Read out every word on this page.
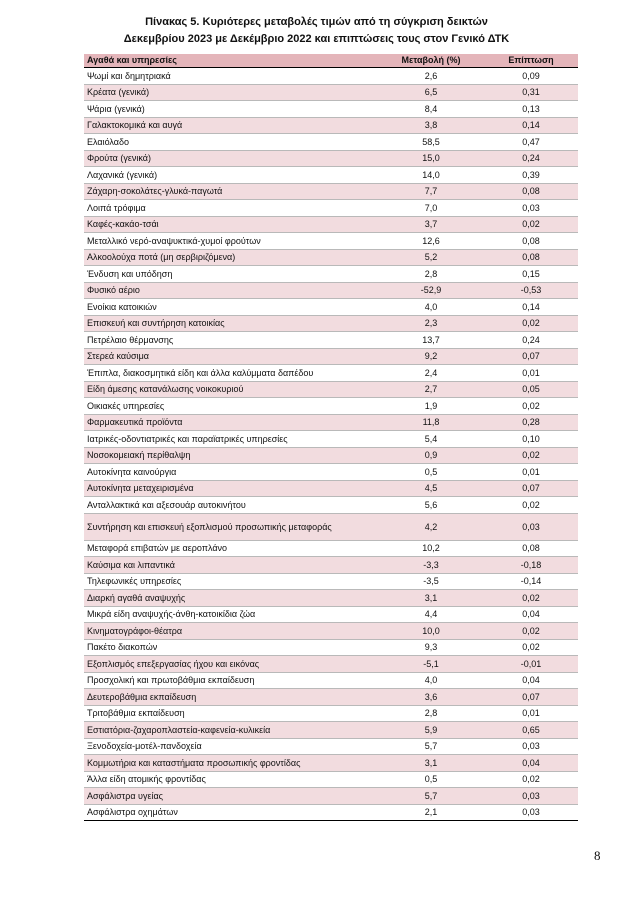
Πίνακας 5. Κυριότερες μεταβολές τιμών από τη σύγκριση δεικτών
Δεκεμβρίου 2023 με Δεκέμβριο 2022 και επιπτώσεις τους στον Γενικό ΔΤΚ
Αγαθά και υπηρεσίες	Μεταβολή (%)	Επίπτωση
Ψωμί και δημητριακά	2,6	0,09
Κρέατα (γενικά)	6,5	0,31
Ψάρια (γενικά)	8,4	0,13
Γαλακτοκομικά και αυγά	3,8	0,14
Ελαιόλαδο	58,5	0,47
Φρούτα (γενικά)	15,0	0,24
Λαχανικά (γενικά)	14,0	0,39
Ζάχαρη-σοκολάτες-γλυκά-παγωτά	7,7	0,08
Λοιπά τρόφιμα	7,0	0,03
Καφές-κακάο-τσάι	3,7	0,02
Μεταλλικό νερό-αναψυκτικά-χυμοί φρούτων	12,6	0,08
Αλκοολούχα ποτά (μη σερβιριζόμενα)	5,2	0,08
Ένδυση και υπόδηση	2,8	0,15
Φυσικό αέριο	-52,9	-0,53
Ενοίκια κατοικιών	4,0	0,14
Επισκευή και συντήρηση κατοικίας	2,3	0,02
Πετρέλαιο θέρμανσης	13,7	0,24
Στερεά καύσιμα	9,2	0,07
Έπιπλα, διακοσμητικά είδη και άλλα καλύμματα δαπέδου	2,4	0,01
Είδη άμεσης κατανάλωσης νοικοκυριού	2,7	0,05
Οικιακές υπηρεσίες	1,9	0,02
Φαρμακευτικά προϊόντα	11,8	0,28
Ιατρικές-οδοντιατρικές και παραϊατρικές υπηρεσίες	5,4	0,10
Νοσοκομειακή περίθαλψη	0,9	0,02
Αυτοκίνητα καινούργια	0,5	0,01
Αυτοκίνητα μεταχειρισμένα	4,5	0,07
Ανταλλακτικά και αξεσουάρ αυτοκινήτου	5,6	0,02
Συντήρηση και επισκευή εξοπλισμού προσωπικής μεταφοράς	4,2	0,03
Μεταφορά επιβατών με αεροπλάνο	10,2	0,08
Καύσιμα και λιπαντικά	-3,3	-0,18
Τηλεφωνικές υπηρεσίες	-3,5	-0,14
Διαρκή αγαθά αναψυχής	3,1	0,02
Μικρά είδη αναψυχής-άνθη-κατοικίδια ζώα	4,4	0,04
Κινηματογράφοι-θέατρα	10,0	0,02
Πακέτο διακοπών	9,3	0,02
Εξοπλισμός επεξεργασίας ήχου και εικόνας	-5,1	-0,01
Προσχολική και πρωτοβάθμια εκπαίδευση	4,0	0,04
Δευτεροβάθμια εκπαίδευση	3,6	0,07
Τριτοβάθμια εκπαίδευση	2,8	0,01
Εστιατόρια-ζαχαροπλαστεία-καφενεία-κυλικεία	5,9	0,65
Ξενοδοχεία-μοτέλ-πανδοχεία	5,7	0,03
Κομμωτήρια και καταστήματα προσωπικής φροντίδας	3,1	0,04
Άλλα είδη ατομικής φροντίδας	0,5	0,02
Ασφάλιστρα υγείας	5,7	0,03
Ασφάλιστρα οχημάτων	2,1	0,03
8
